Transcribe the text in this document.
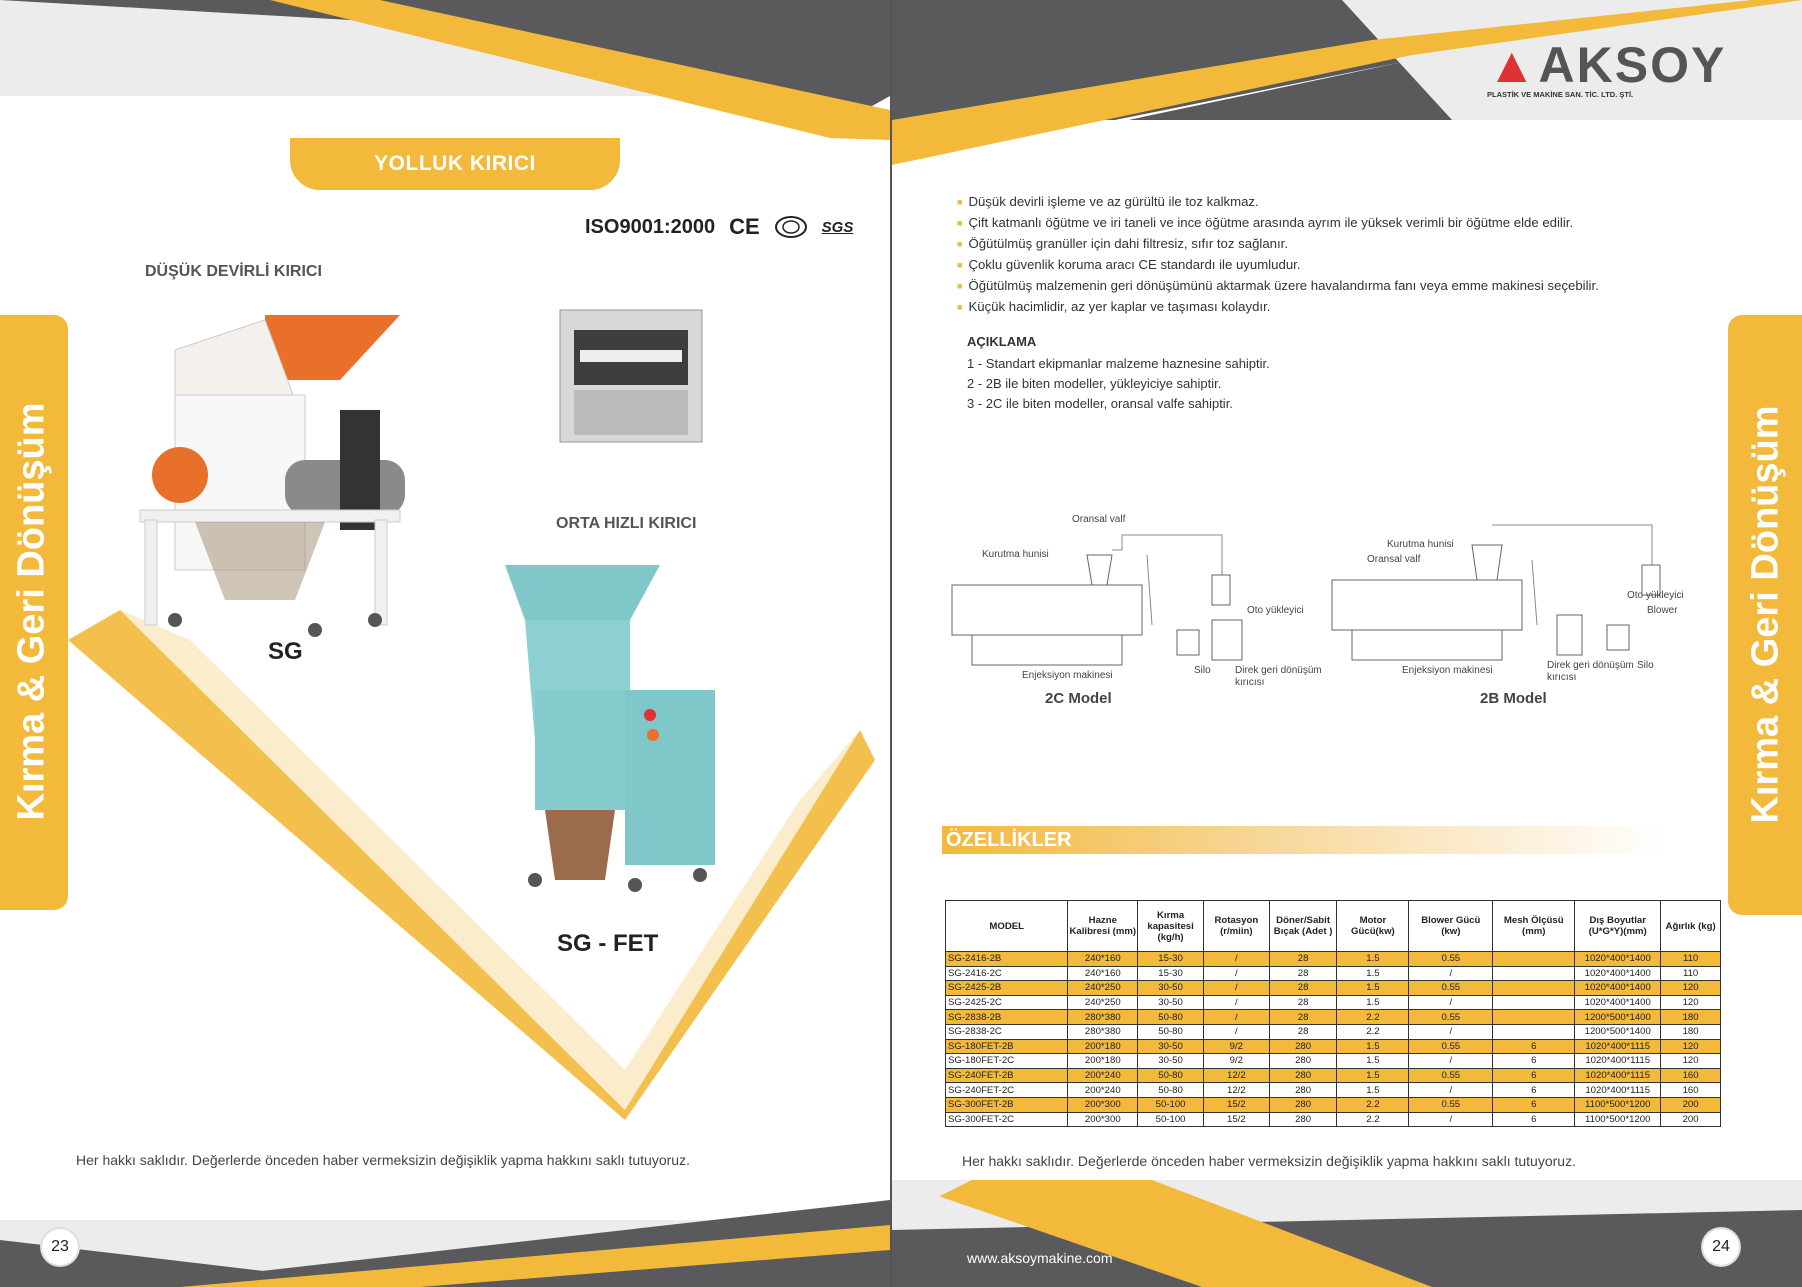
Kırma & Geri Dönüşüm
YOLLUK KIRICI
ISO9001:2000 CE	SGS
DÜŞÜK DEVİRLİ KIRICI
ORTA HIZLI KIRICI
SG
SG - FET
Her hakkı saklıdır. Değerlerde önceden haber vermeksizin değişiklik yapma hakkını saklı tutuyoruz.
23
▲AKSOY
PLASTİK VE MAKİNE SAN. TİC. LTD. ŞTİ.
■ Düşük devirli işleme ve az gürültü ile toz kalkmaz.
■ Çift katmanlı öğütme ve iri taneli ve ince öğütme arasında ayrım ile yüksek verimli bir öğütme elde edilir.
■ Öğütülmüş granüller için dahi filtresiz, sıfır toz sağlanır.
■ Çoklu güvenlik koruma aracı CE standardı ile uyumludur.
■ Öğütülmüş malzemenin geri dönüşümünü aktarmak üzere havalandırma fanı veya emme makinesi seçebilir.
■ Küçük hacimlidir, az yer kaplar ve taşıması kolaydır.
AÇIKLAMA
1 - Standart ekipmanlar malzeme haznesine sahiptir.
2 - 2B ile biten modeller, yükleyiciye sahiptir.
3 - 2C ile biten modeller, oransal valfe sahiptir.
Oransal valf
Kurutma hunisi
Oto yükleyici
Enjeksiyon makinesi	Silo Direk geri dönüşüm
kırıcısı
2C Model
Kurutma hunisi
Oransal valf
Oto yükleyici
Blower
Enjeksiyon makinesi	Direk geri dönüşüm
kırıcısı
Silo
2B Model
ÖZELLİKLER
MODEL	Hazne Kalibresi (mm)	Kırma kapasitesi (kg/h)	Rotasyon (r/miin)	Döner/Sabit Bıçak (Adet )	Motor Gücü(kw)	Blower Gücü (kw)	Mesh Ölçüsü (mm)	Dış Boyutlar (U*G*Y)(mm)	Ağırlık (kg)
SG-2416-2B	240*160	15-30	/	28	1.5	0.55		1020*400*1400	110
SG-2416-2C	240*160	15-30	/	28	1.5	/		1020*400*1400	110
SG-2425-2B	240*250	30-50	/	28	1.5	0.55		1020*400*1400	120
SG-2425-2C	240*250	30-50	/	28	1.5	/		1020*400*1400	120
SG-2838-2B	280*380	50-80	/	28	2.2	0.55		1200*500*1400	180
SG-2838-2C	280*380	50-80	/	28	2.2	/		1200*500*1400	180
SG-180FET-2B	200*180	30-50	9/2	280	1.5	0.55	6	1020*400*1115	120
SG-180FET-2C	200*180	30-50	9/2	280	1.5	/	6	1020*400*1115	120
SG-240FET-2B	200*240	50-80	12/2	280	1.5	0.55	6	1020*400*1115	160
SG-240FET-2C	200*240	50-80	12/2	280	1.5	/	6	1020*400*1115	160
SG-300FET-2B	200*300	50-100	15/2	280	2.2	0.55	6	1100*500*1200	200
SG-300FET-2C	200*300	50-100	15/2	280	2.2	/	6	1100*500*1200	200
Kırma & Geri Dönüşüm
Her hakkı saklıdır. Değerlerde önceden haber vermeksizin değişiklik yapma hakkını saklı tutuyoruz.
www.aksoymakine.com
24
